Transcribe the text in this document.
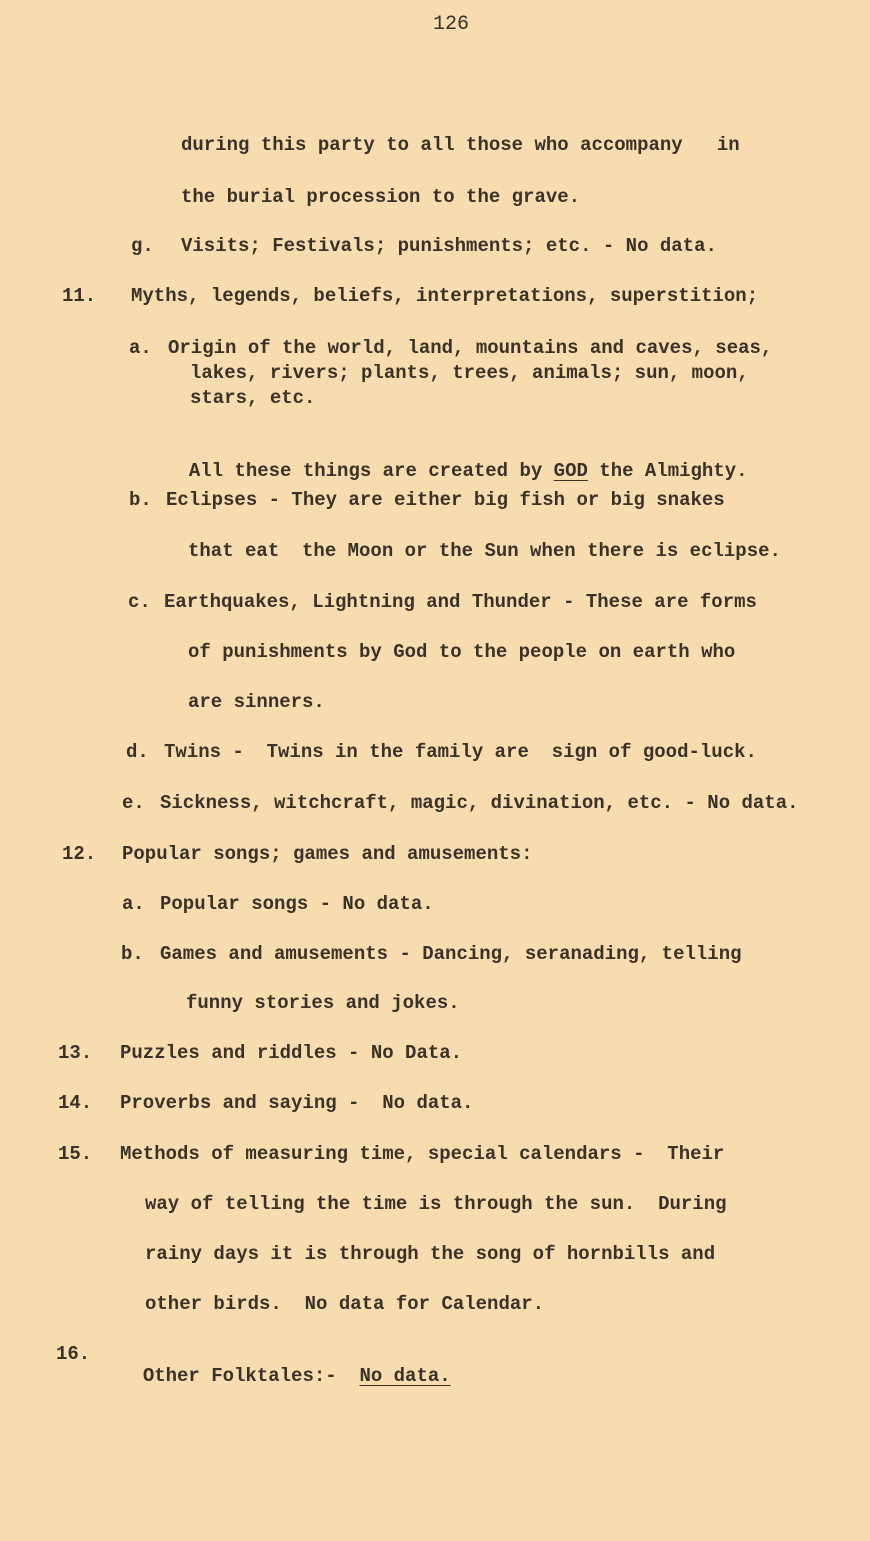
126
during this party to all those who accompany   in
the burial procession to the grave.
g. Visits; Festivals; punishments; etc. - No data.
11. Myths, legends, beliefs, interpretations, superstition;
a. Origin of the world, land, mountains and caves, seas,
lakes, rivers; plants, trees, animals; sun, moon,
stars, etc.

All these things are created by GOD the Almighty.

b. Eclipses - They are either big fish or big snakes
that eat  the Moon or the Sun when there is eclipse.
c. Earthquakes, Lightning and Thunder - These are forms
of punishments by God to the people on earth who
are sinners.
d. Twins -  Twins in the family are  sign of good-luck.
e. Sickness, witchcraft, magic, divination, etc. - No data.
12. Popular songs; games and amusements:
a. Popular songs - No data.
b. Games and amusements - Dancing, seranading, telling
funny stories and jokes.
13. Puzzles and riddles - No Data.
14. Proverbs and saying -  No data.
15. Methods of measuring time, special calendars -  Their
way of telling the time is through the sun.  During
rainy days it is through the song of hornbills and
other birds.  No data for Calendar.
16.

Other Folktales:-  No data.
